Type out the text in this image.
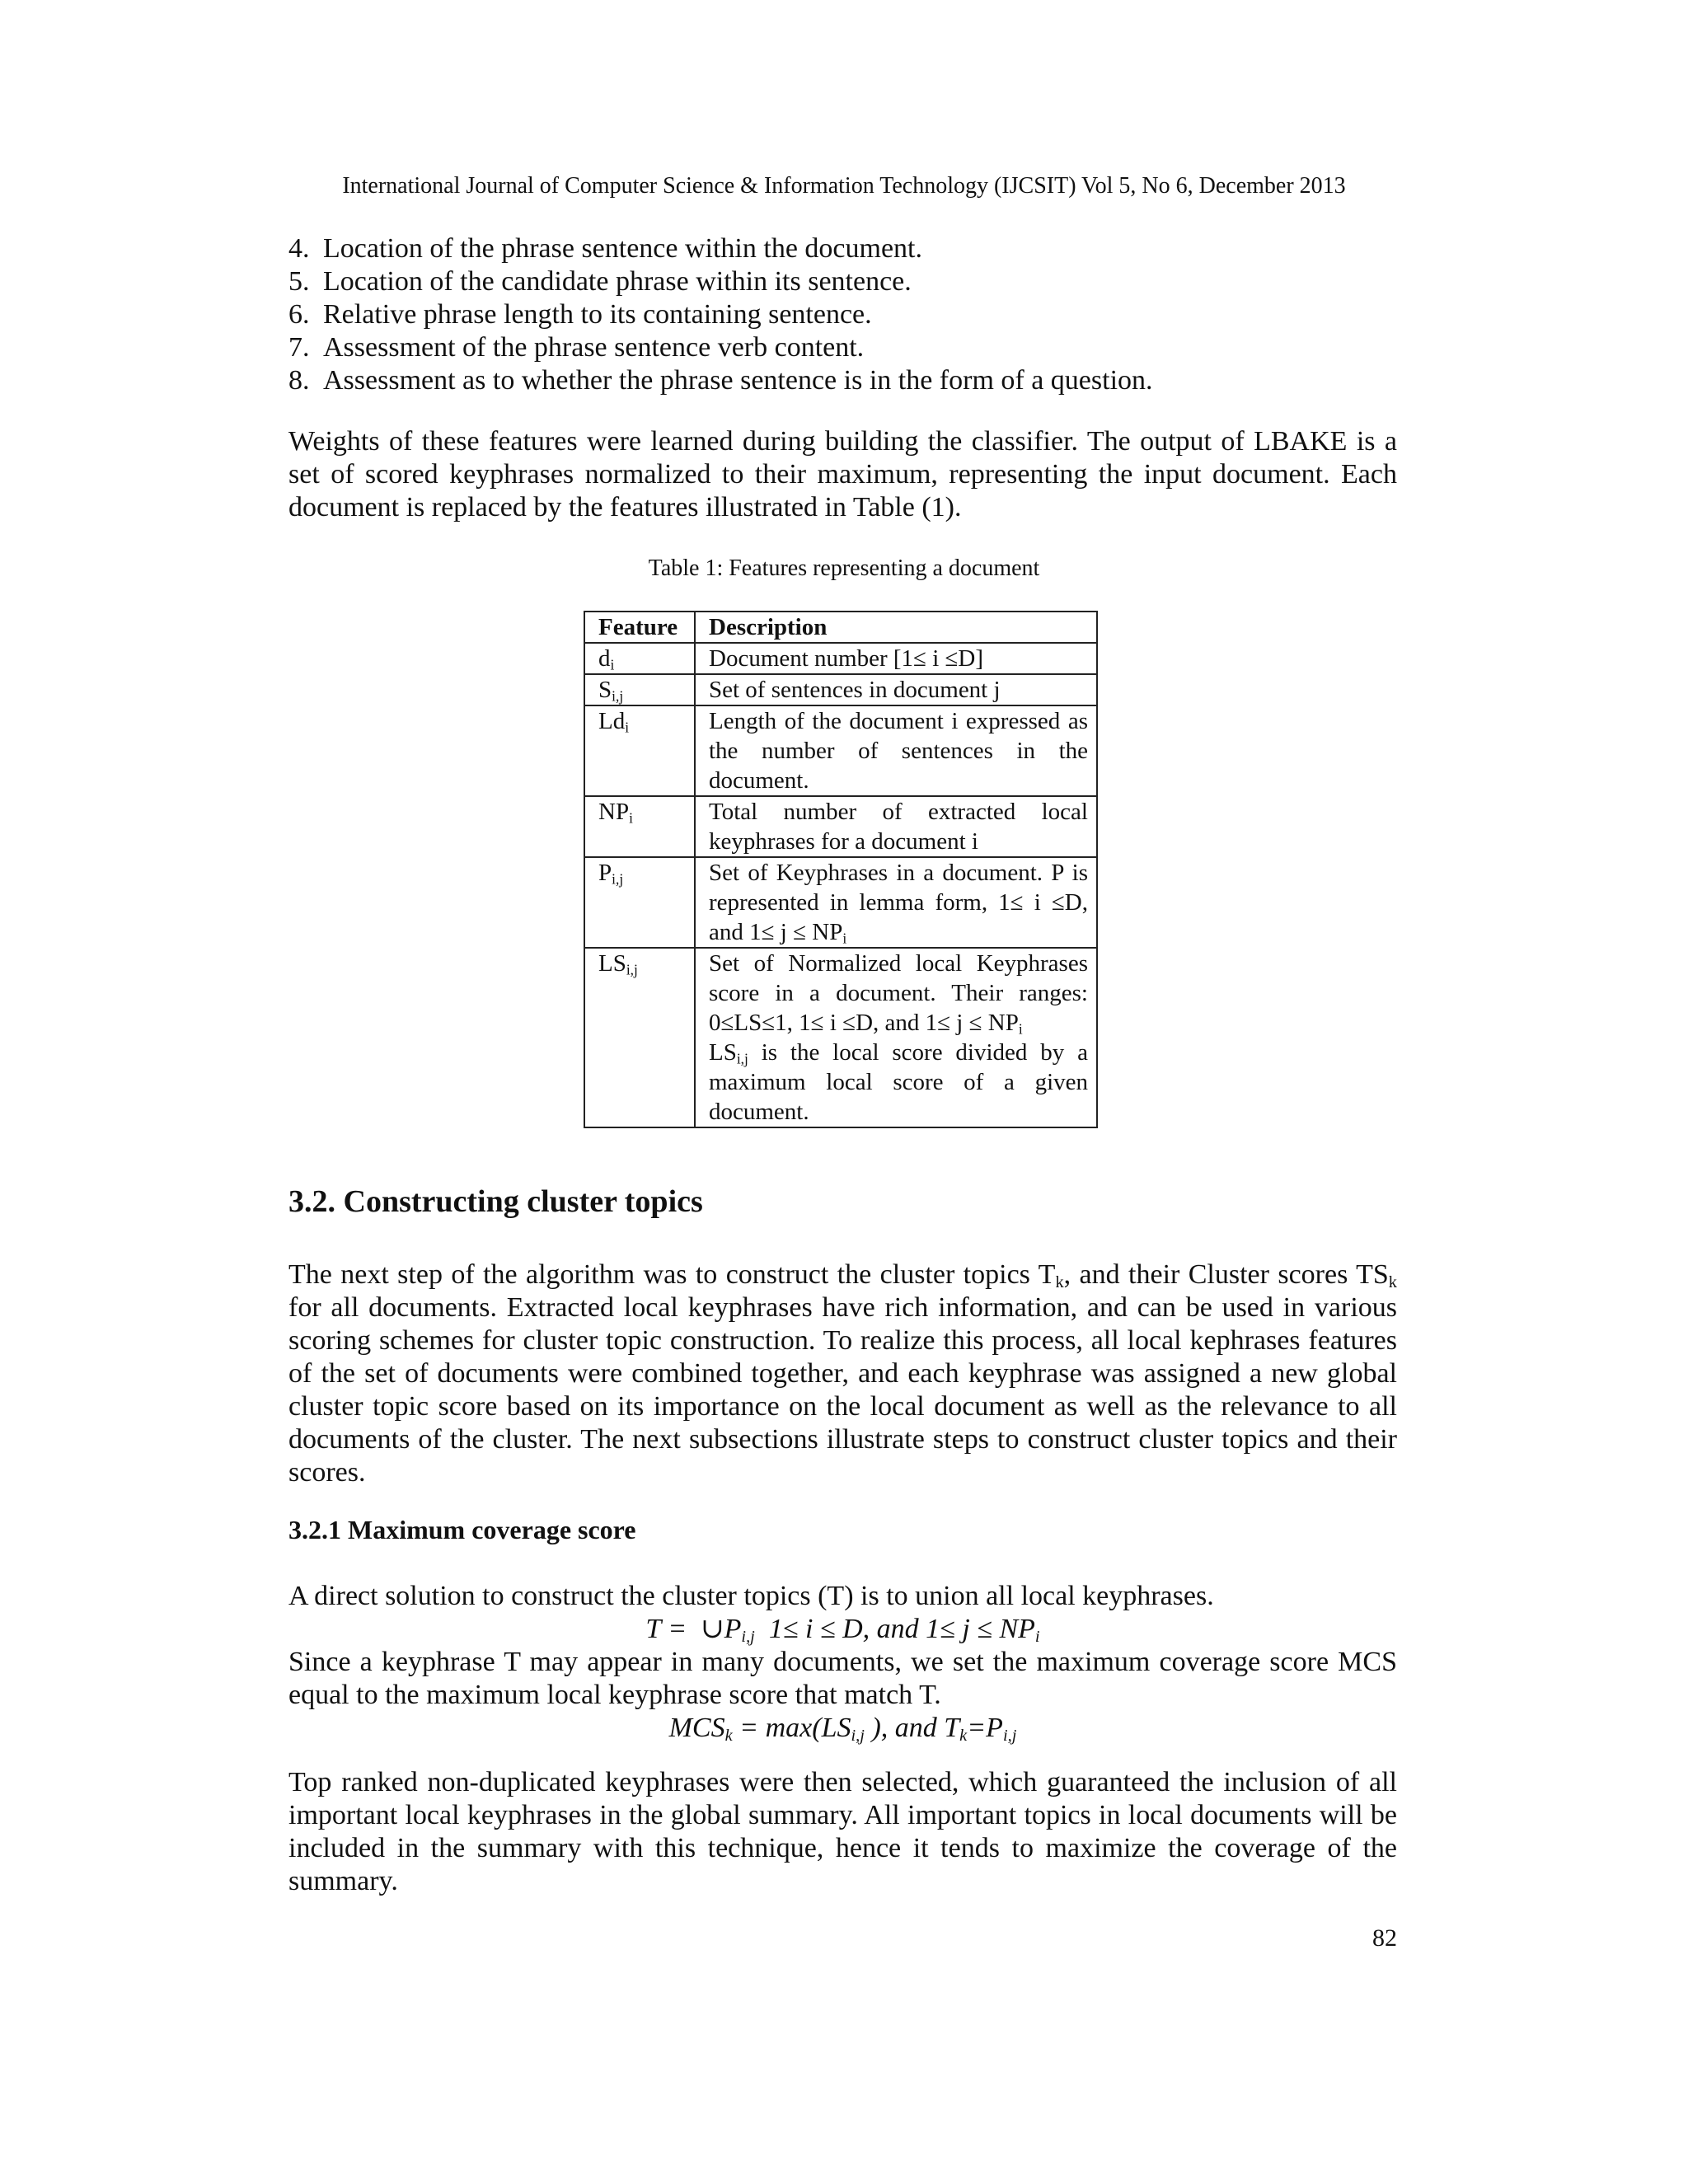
International Journal of Computer Science & Information Technology (IJCSIT) Vol 5, No 6, December 2013
4. Location of the phrase sentence within the document.
5. Location of the candidate phrase within its sentence.
6. Relative phrase length to its containing sentence.
7. Assessment of the phrase sentence verb content.
8. Assessment as to whether the phrase sentence is in the form of a question.
Weights of these features were learned during building the classifier. The output of LBAKE is a set of scored keyphrases normalized to their maximum, representing the input document. Each document is replaced by the features illustrated in Table (1).
Table 1: Features representing a document
Feature	Description
$d_i$	Document number [1≤ i ≤D]
$S_{i,j}$	Set of sentences in document j
$Ld_i$	Length of the document i expressed as the number of sentences in the document.
$NP_i$	Total number of extracted local keyphrases for a document i
$P_{i,j}$	Set of Keyphrases in a document. P is represented in lemma form, 1≤ i ≤D, and $1\le j \le NP_i$
$LS_{i,j}$	Set of Normalized local Keyphrases score in a document. Their ranges: 0≤LS≤1, 1≤ i ≤D, and $1\le j \le NP_i$
$LS_{i,j}$ is the local score divided by a maximum local score of a given document.
3.2. Constructing cluster topics
The next step of the algorithm was to construct the cluster topics $T_k$, and their Cluster scores $TS_k$ for all documents. Extracted local keyphrases have rich information, and can be used in various scoring schemes for cluster topic construction. To realize this process, all local kephrases features of the set of documents were combined together, and each keyphrase was assigned a new global cluster topic score based on its importance on the local document as well as the relevance to all documents of the cluster. The next subsections illustrate steps to construct cluster topics and their scores.
3.2.1 Maximum coverage score
A direct solution to construct the cluster topics (T) is to union all local keyphrases.
$T = \cup P_{i,j}$  1≤ i ≤ D, and $1\le j \le NP_i$
Since a keyphrase T may appear in many documents, we set the maximum coverage score MCS equal to the maximum local keyphrase score that match T.
$MCS_k = \max(LS_{i,j}$ ), and $T_k=P_{i,j}$
Top ranked non-duplicated keyphrases were then selected, which guaranteed the inclusion of all important local keyphrases in the global summary. All important topics in local documents will be included in the summary with this technique, hence it tends to maximize the coverage of the summary.
82
